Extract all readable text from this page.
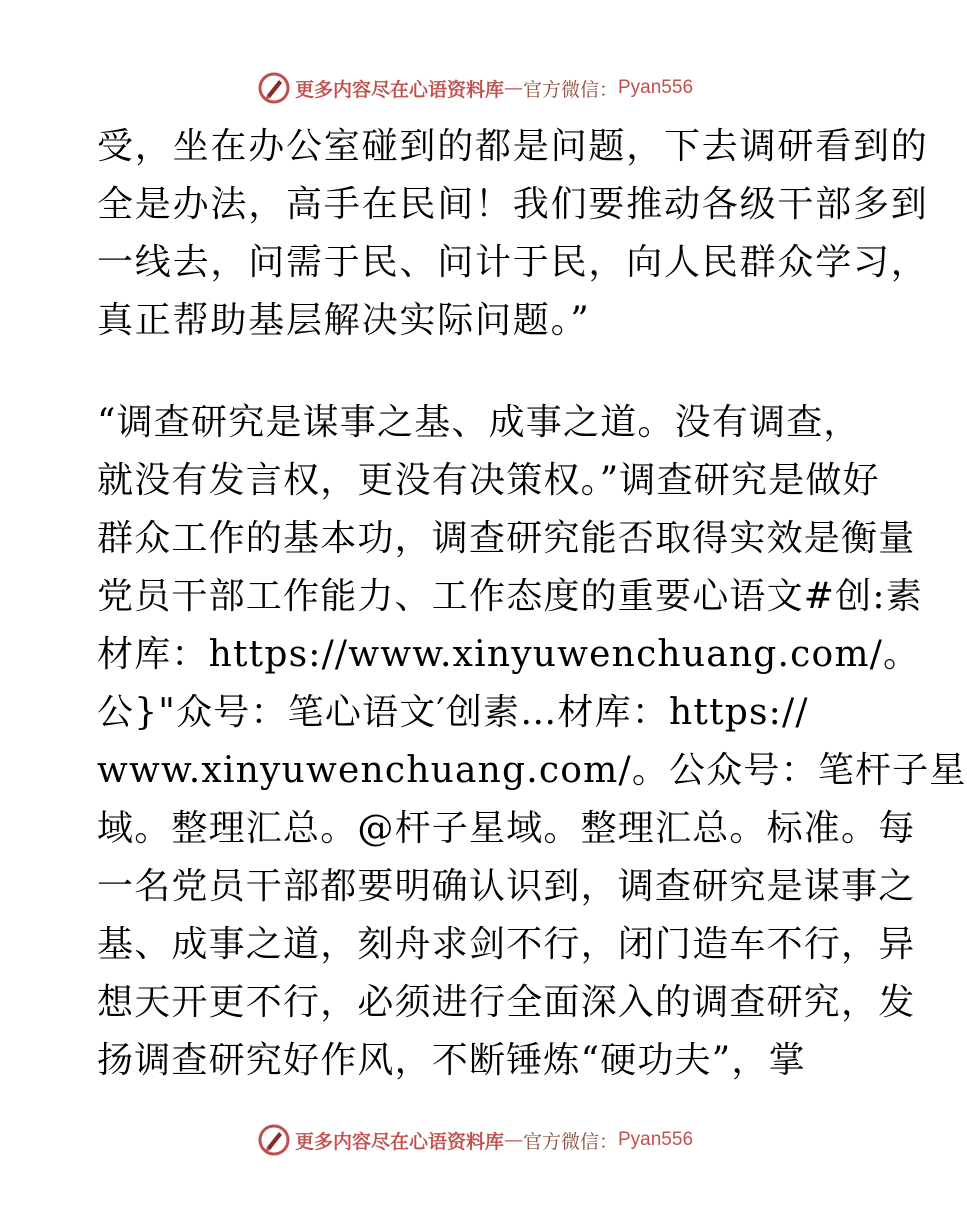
更多内容尽在心语资料库 — 官方微信： Pyan556
受，坐在办公室碰到的都是问题，下去调研看到的
全是办法，高手在民间！我们要推动各级干部多到
一线去，问需于民、问计于民，向人民群众学习，
真正帮助基层解决实际问题。”
“调查研究是谋事之基、成事之道。没有调查，
就没有发言权，更没有决策权。”调查研究是做好
群众工作的基本功，调查研究能否取得实效是衡量
党员干部工作能力、工作态度的重要心语文#创:素
材库：https://www.xinyuwenchuang.com/。
公}"众号：笔心语文′创素…材库：https://
www.xinyuwenchuang.com/。公众号：笔杆子星
域。整理汇总。@杆子星域。整理汇总。标准。每
一名党员干部都要明确认识到，调查研究是谋事之
基、成事之道，刻舟求剑不行，闭门造车不行，异
想天开更不行，必须进行全面深入的调查研究，发
扬调查研究好作风，不断锤炼“硬功夫”，掌
更多内容尽在心语资料库 — 官方微信： Pyan556
